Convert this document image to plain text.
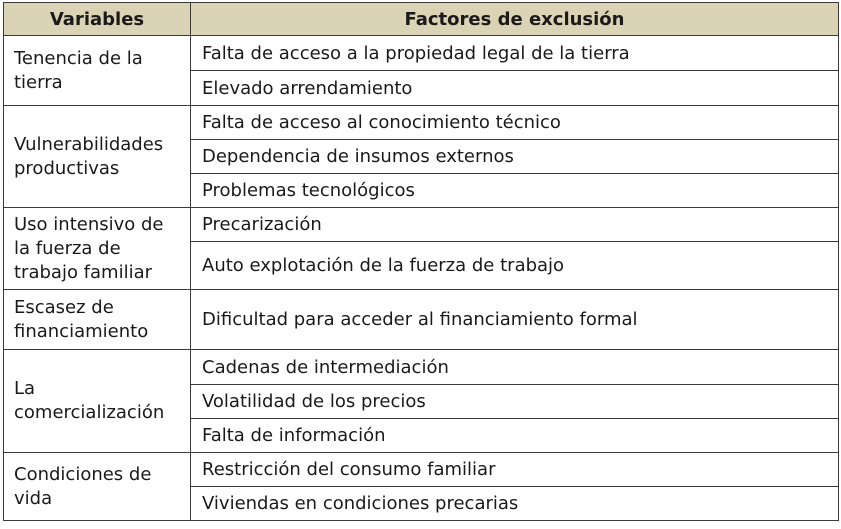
Variables	Factores de exclusión
Tenencia de la tierra	Falta de acceso a la propiedad legal de la tierra
	Elevado arrendamiento
Vulnerabilidades productivas	Falta de acceso al conocimiento técnico
	Dependencia de insumos externos
	Problemas tecnológicos
Uso intensivo de la fuerza de trabajo familiar	Precarización
	Auto explotación de la fuerza de trabajo
Escasez de financiamiento	Dificultad para acceder al financiamiento formal
La comercialización	Cadenas de intermediación
	Volatilidad de los precios
	Falta de información
Condiciones de vida	Restricción del consumo familiar
	Viviendas en condiciones precarias
